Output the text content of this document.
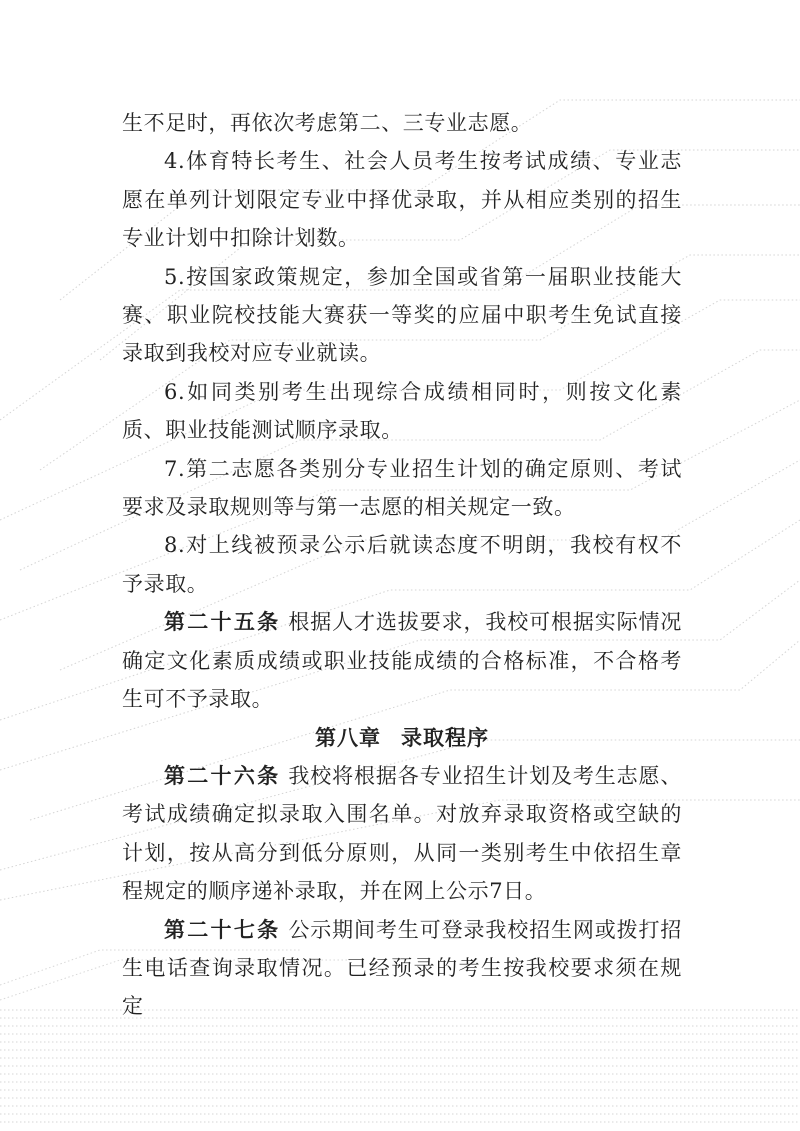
生不足时，再依次考虑第二、三专业志愿。

4.体育特长考生、社会人员考生按考试成绩、专业志愿在单列计划限定专业中择优录取，并从相应类别的招生专业计划中扣除计划数。

5.按国家政策规定，参加全国或省第一届职业技能大赛、职业院校技能大赛获一等奖的应届中职考生免试直接录取到我校对应专业就读。

6.如同类别考生出现综合成绩相同时，则按文化素质、职业技能测试顺序录取。

7.第二志愿各类别分专业招生计划的确定原则、考试要求及录取规则等与第一志愿的相关规定一致。

8.对上线被预录公示后就读态度不明朗，我校有权不予录取。

第二十五条 根据人才选拔要求，我校可根据实际情况确定文化素质成绩或职业技能成绩的合格标准，不合格考生可不予录取。

第八章 录取程序

第二十六条 我校将根据各专业招生计划及考生志愿、考试成绩确定拟录取入围名单。对放弃录取资格或空缺的计划，按从高分到低分原则，从同一类别考生中依招生章程规定的顺序递补录取，并在网上公示7日。

第二十七条 公示期间考生可登录我校招生网或拨打招生电话查询录取情况。已经预录的考生按我校要求须在规定
